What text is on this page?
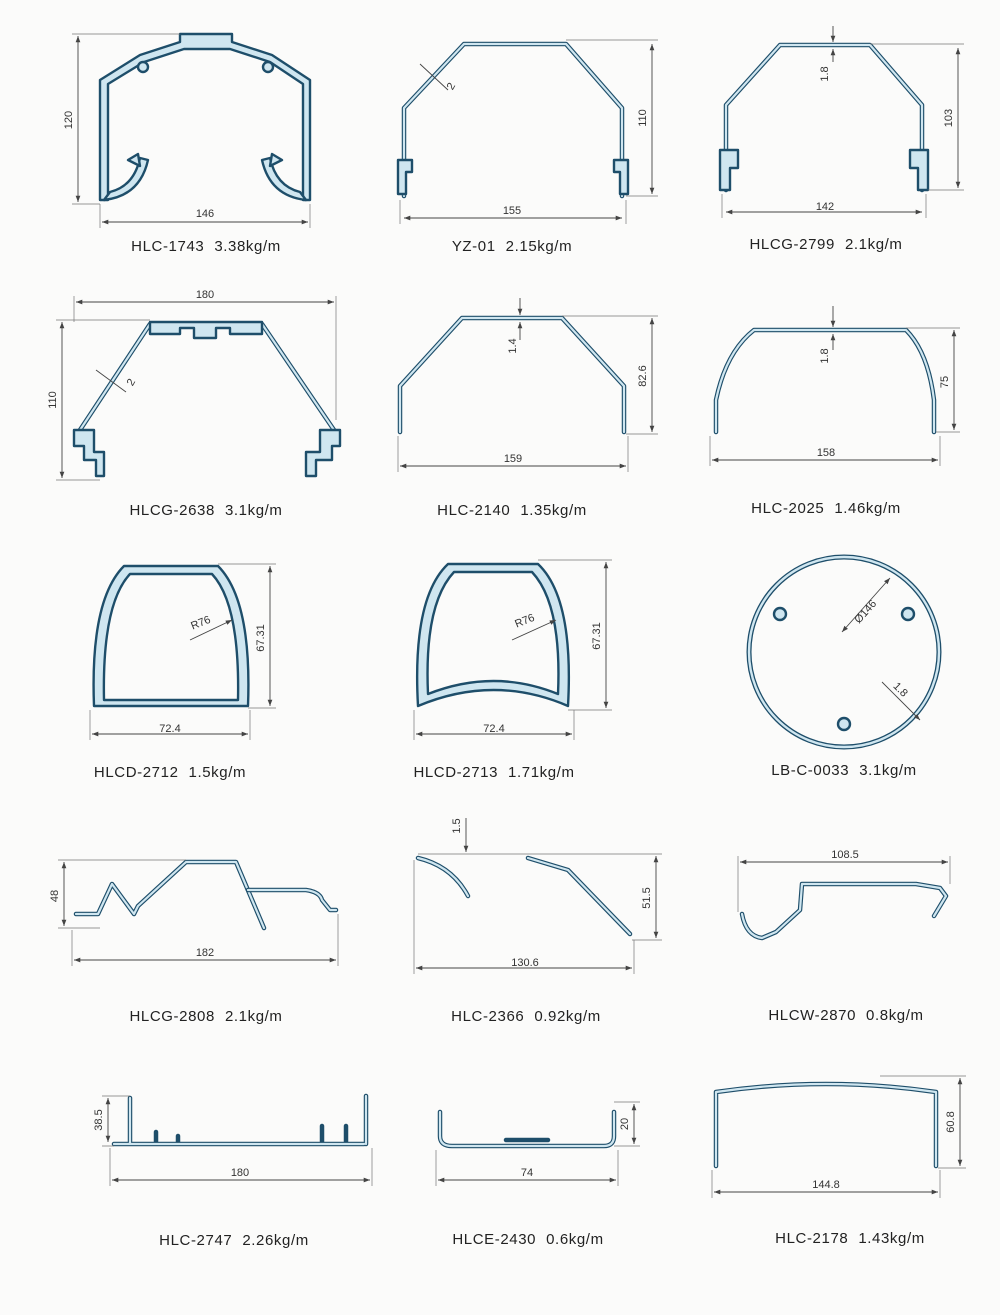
146
120
155
110
2
142
103
1.8
180
110
2
159
82.6
1.4
158
75
1.8
72.4
67.31
R76
72.4
67.31
R76	Ø146
1.8
182
48
130.6
51.5
1.5
108.5
180
38.5
74
20
144.8
60.8
HLC-1743 3.38kg/m	YZ-01 2.15kg/m	HLCG-2799 2.1kg/m
HLCG-2638 3.1kg/m	HLC-2140 1.35kg/m	HLC-2025 1.46kg/m
HLCD-2712 1.5kg/m	HLCD-2713 1.71kg/m	LB-C-0033 3.1kg/m
HLCG-2808 2.1kg/m	HLC-2366 0.92kg/m	HLCW-2870 0.8kg/m
HLC-2747 2.26kg/m	HLCE-2430 0.6kg/m	HLC-2178 1.43kg/m
